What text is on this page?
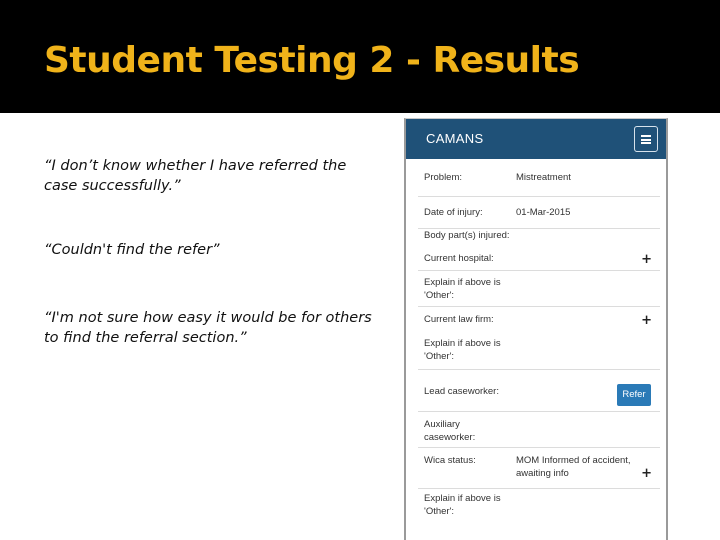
Student Testing 2 - Results
“I don’t know whether I have referred the case successfully.”
“Couldn't find the refer”
“I'm not sure how easy it would be for others to find the referral section.”
CAMANS
Problem:	Mistreatment
Date of injury:	01-Mar-2015
Body part(s) injured:
Current hospital:	+
Explain if above is 'Other':
Current law firm:	+
Explain if above is 'Other':
Lead caseworker:	Refer
Auxiliary caseworker:
Wica status:	MOM Informed of accident, awaiting info	+
Explain if above is 'Other':
